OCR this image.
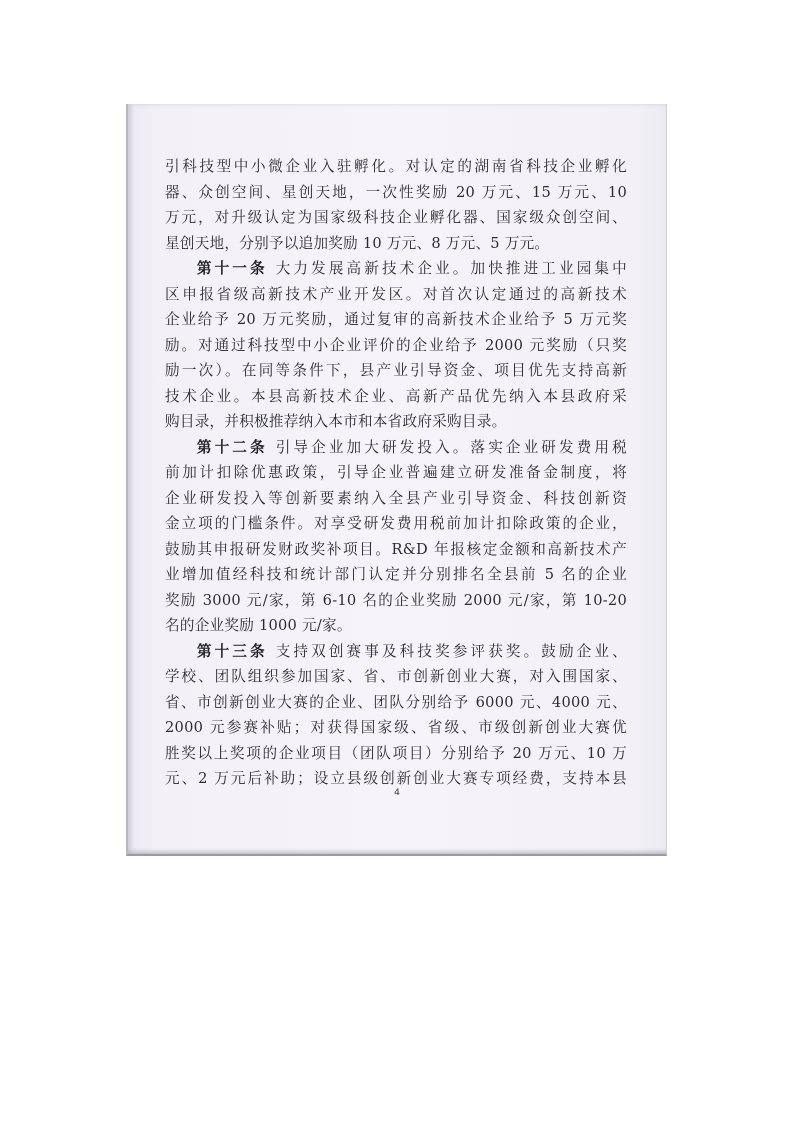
引科技型中小微企业入驻孵化。对认定的湖南省科技企业孵化
器、众创空间、星创天地，一次性奖励 20 万元、15 万元、10
万元，对升级认定为国家级科技企业孵化器、国家级众创空间、
星创天地，分别予以追加奖励 10 万元、8 万元、5 万元。
第十一条 大力发展高新技术企业。加快推进工业园集中
区申报省级高新技术产业开发区。对首次认定通过的高新技术
企业给予 20 万元奖励，通过复审的高新技术企业给予 5 万元奖
励。对通过科技型中小企业评价的企业给予 2000 元奖励（只奖
励一次）。在同等条件下，县产业引导资金、项目优先支持高新
技术企业。本县高新技术企业、高新产品优先纳入本县政府采
购目录，并积极推荐纳入本市和本省政府采购目录。
第十二条 引导企业加大研发投入。落实企业研发费用税
前加计扣除优惠政策，引导企业普遍建立研发准备金制度，将
企业研发投入等创新要素纳入全县产业引导资金、科技创新资
金立项的门槛条件。对享受研发费用税前加计扣除政策的企业，
鼓励其申报研发财政奖补项目。R&D 年报核定金额和高新技术产
业增加值经科技和统计部门认定并分别排名全县前 5 名的企业
奖励 3000 元/家，第 6-10 名的企业奖励 2000 元/家，第 10-20
名的企业奖励 1000 元/家。
第十三条 支持双创赛事及科技奖参评获奖。鼓励企业、
学校、团队组织参加国家、省、市创新创业大赛，对入围国家、
省、市创新创业大赛的企业、团队分别给予 6000 元、4000 元、
2000 元参赛补贴；对获得国家级、省级、市级创新创业大赛优
胜奖以上奖项的企业项目（团队项目）分别给予 20 万元、10 万
元、2 万元后补助；设立县级创新创业大赛专项经费，支持本县
4
